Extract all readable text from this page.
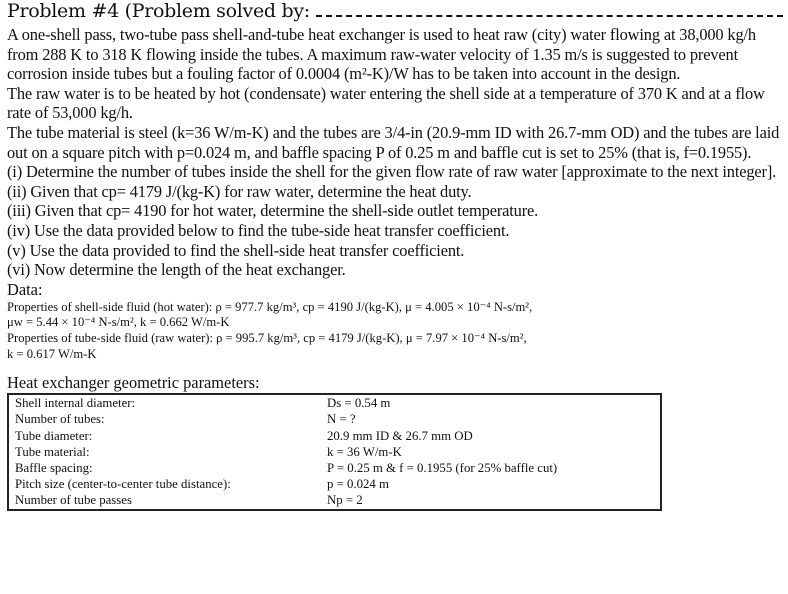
Problem #4 (Problem solved by:

A one-shell pass, two-tube pass shell-and-tube heat exchanger is used to heat raw (city) water flowing at 38,000 kg/h from 288 K to 318 K flowing inside the tubes. A maximum raw-water velocity of 1.35 m/s is suggested to prevent corrosion inside tubes but a fouling factor of 0.0004 (m²-K)/W has to be taken into account in the design.
The raw water is to be heated by hot (condensate) water entering the shell side at a temperature of 370 K and at a flow rate of 53,000 kg/h.
The tube material is steel (k=36 W/m-K) and the tubes are 3/4-in (20.9-mm ID with 26.7-mm OD) and the tubes are laid out on a square pitch with p=0.024 m, and baffle spacing P of 0.25 m and baffle cut is set to 25% (that is, f=0.1955).
(i) Determine the number of tubes inside the shell for the given flow rate of raw water [approximate to the next integer].
(ii) Given that cp= 4179 J/(kg-K) for raw water, determine the heat duty.
(iii) Given that cp= 4190 for hot water, determine the shell-side outlet temperature.
(iv) Use the data provided below to find the tube-side heat transfer coefficient.
(v) Use the data provided to find the shell-side heat transfer coefficient.
(vi) Now determine the length of the heat exchanger.

Data:
Properties of shell-side fluid (hot water): ρ = 977.7 kg/m³, cp = 4190 J/(kg-K), μ = 4.005 × 10⁻⁴ N-s/m²,
μw = 5.44 × 10⁻⁴ N-s/m², k = 0.662 W/m-K
Properties of tube-side fluid (raw water): ρ = 995.7 kg/m³, cp = 4179 J/(kg-K), μ = 7.97 × 10⁻⁴ N-s/m²,
k = 0.617 W/m-K
Heat exchanger geometric parameters:
Shell internal diameter:	Ds = 0.54 m
Number of tubes:	N = ?
Tube diameter:	20.9 mm ID & 26.7 mm OD
Tube material:	k = 36 W/m-K
Baffle spacing:	P = 0.25 m & f = 0.1955 (for 25% baffle cut)
Pitch size (center-to-center tube distance):	p = 0.024 m
Number of tube passes	Np = 2
